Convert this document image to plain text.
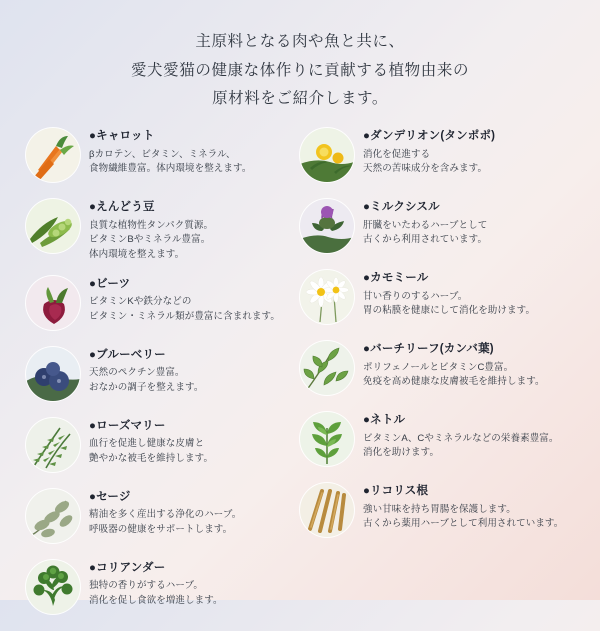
主原料となる肉や魚と共に、
愛犬愛猫の健康な体作りに貢献する植物由来の
原材料をご紹介します。
●キャロット
βカロテン、ビタミン、ミネラル、
食物繊維豊富。体内環境を整えます。
●えんどう豆
良質な植物性タンパク質源。
ビタミンBやミネラル豊富。
体内環境を整えます。
●ビーツ
ビタミンKや鉄分などの
ビタミン・ミネラル類が豊富に含まれます。
●ブルーベリー
天然のペクチン豊富。
おなかの調子を整えます。
●ローズマリー
血行を促進し健康な皮膚と
艶やかな被毛を維持します。
●セージ
精油を多く産出する浄化のハーブ。
呼吸器の健康をサポートします。
●コリアンダー
独特の香りがするハーブ。
消化を促し食欲を増進します。
●ダンデリオン(タンポポ)
消化を促進する
天然の苦味成分を含みます。
●ミルクシスル
肝臓をいたわるハーブとして
古くから利用されています。
●カモミール
甘い香りのするハーブ。
胃の粘膜を健康にして消化を助けます。
●バーチリーフ(カンバ葉)
ポリフェノールとビタミンC豊富。
免疫を高め健康な皮膚被毛を維持します。
●ネトル
ビタミンA、Cやミネラルなどの栄養素豊富。
消化を助けます。
●リコリス根
強い甘味を持ち胃腸を保護します。
古くから薬用ハーブとして利用されています。
